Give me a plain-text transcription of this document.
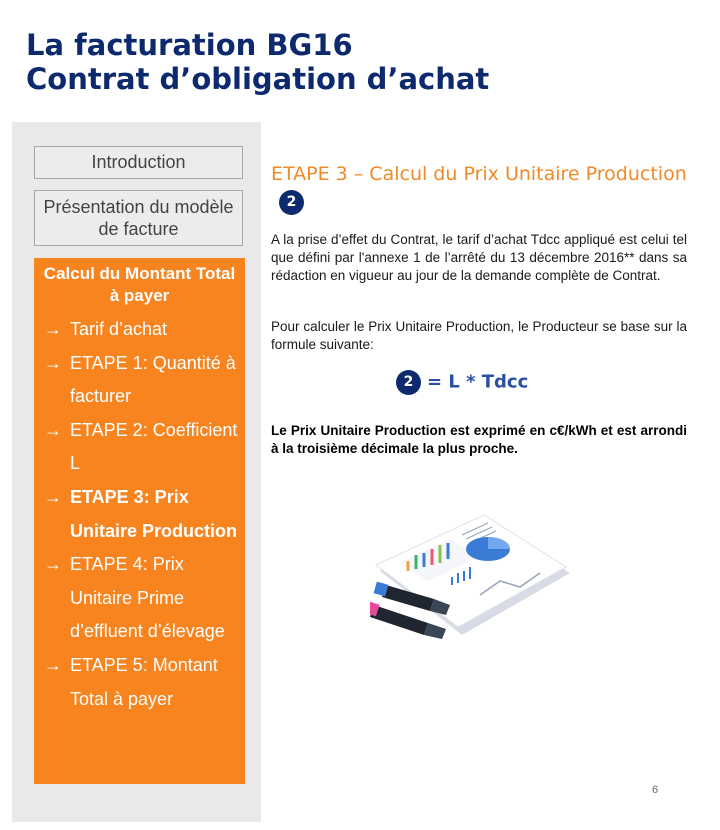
La facturation BG16
Contrat d’obligation d’achat
Introduction
Présentation du modèle de facture
Calcul du Montant Total à payer
→ Tarif d’achat
→ ETAPE 1: Quantité à facturer
→ ETAPE 2: Coefficient L
→ ETAPE 3: Prix Unitaire Production
→ ETAPE 4: Prix Unitaire Prime d’effluent d’élevage
→ ETAPE 5: Montant Total à payer
ETAPE 3 – Calcul du Prix Unitaire Production2

A la prise d’effet du Contrat, le tarif d’achat Tdcc appliqué est celui tel que défini par l'annexe 1 de l’arrêté du 13 décembre 2016** dans sa rédaction en vigueur au jour de la demande complète de Contrat.

Pour calculer le Prix Unitaire Production, le Producteur se base sur la formule suivante:

2 = L * Tdcc

Le Prix Unitaire Production est exprimé en c€/kWh et est arrondi à la troisième décimale la plus proche.

6
